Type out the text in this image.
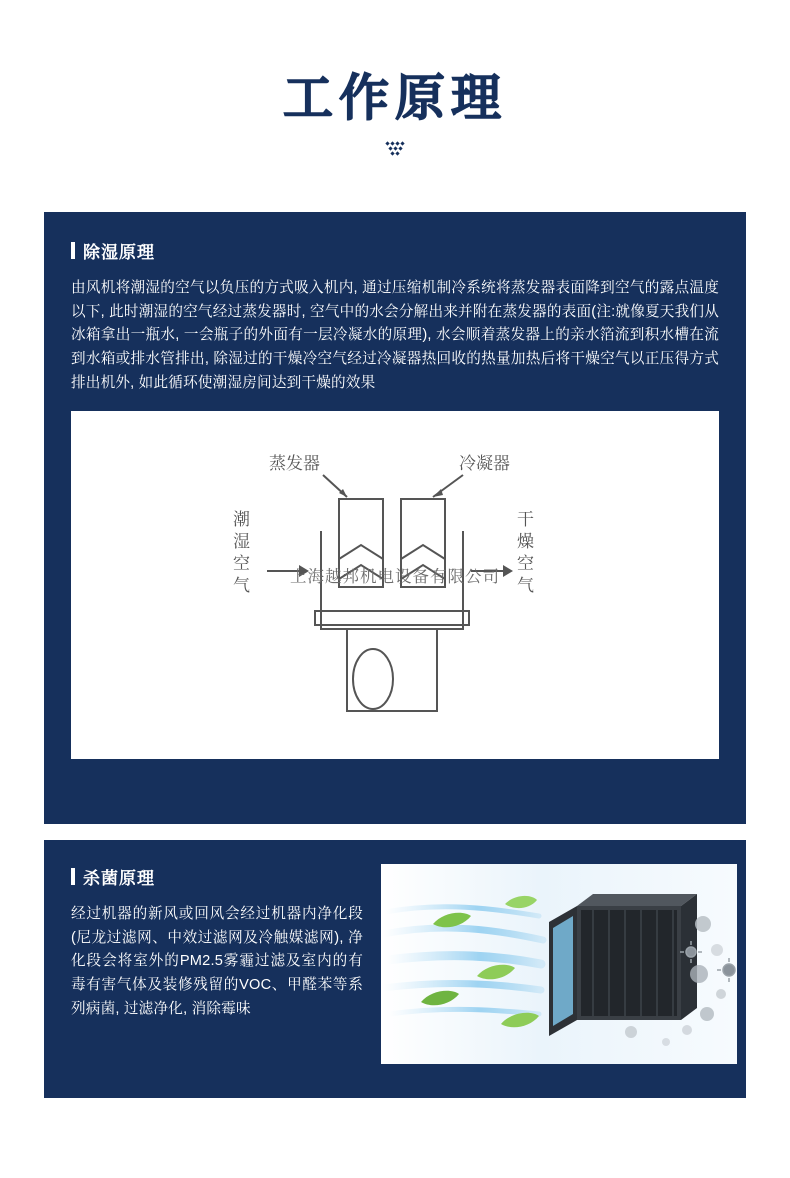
工作原理
除湿原理
由风机将潮湿的空气以负压的方式吸入机内, 通过压缩机制冷系统将蒸发器表面降到空气的露点温度以下, 此时潮湿的空气经过蒸发器时, 空气中的水会分解出来并附在蒸发器的表面(注:就像夏天我们从冰箱拿出一瓶水, 一会瓶子的外面有一层冷凝水的原理), 水会顺着蒸发器上的亲水箔流到积水槽在流到水箱或排水管排出, 除湿过的干燥冷空气经过冷凝器热回收的热量加热后将干燥空气以正压得方式排出机外, 如此循环使潮湿房间达到干燥的效果
蒸发器	冷凝器
潮
湿
空
气
干
燥
空
气
上海越邦机电设备有限公司
杀菌原理
经过机器的新风或回风会经过机器内净化段(尼龙过滤网、中效过滤网及冷触媒滤网), 净化段会将室外的PM2.5雾霾过滤及室内的有毒有害气体及装修残留的VOC、甲醛苯等系列病菌, 过滤净化, 消除霉味
